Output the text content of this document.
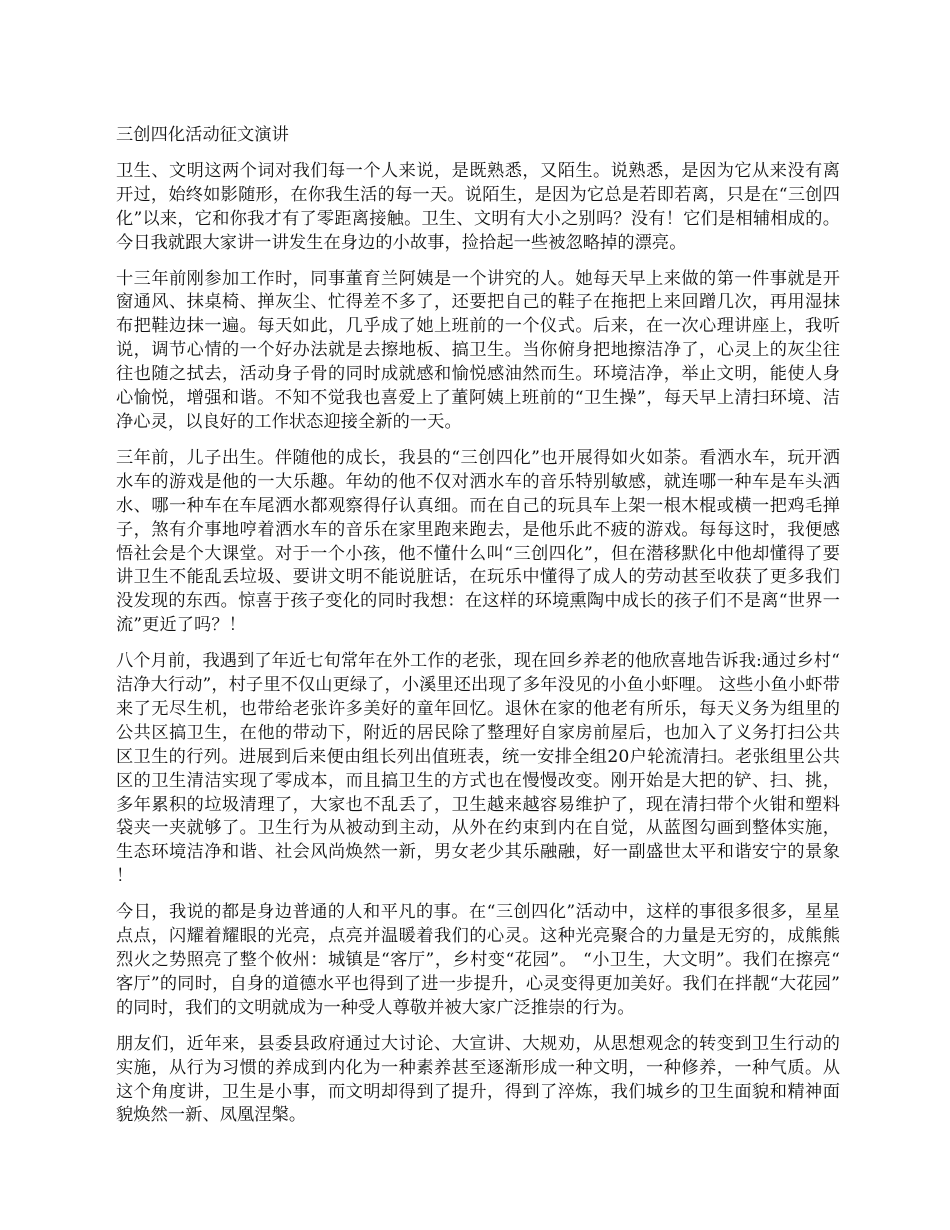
三创四化活动征文演讲

卫生、文明这两个词对我们每一个人来说，是既熟悉，又陌生。说熟悉，是因为它从来没有离开过，始终如影随形，在你我生活的每一天。说陌生，是因为它总是若即若离，只是在“三创四化”以来，它和你我才有了零距离接触。卫生、文明有大小之别吗？没有！它们是相辅相成的。今日我就跟大家讲一讲发生在身边的小故事，捡拾起一些被忽略掉的漂亮。

十三年前刚参加工作时，同事董育兰阿姨是一个讲究的人。她每天早上来做的第一件事就是开窗通风、抹桌椅、掸灰尘、忙得差不多了，还要把自己的鞋子在拖把上来回蹭几次，再用湿抹布把鞋边抹一遍。每天如此，几乎成了她上班前的一个仪式。后来，在一次心理讲座上，我听说，调节心情的一个好办法就是去擦地板、搞卫生。当你俯身把地擦洁净了，心灵上的灰尘往往也随之拭去，活动身子骨的同时成就感和愉悦感油然而生。环境洁净，举止文明，能使人身心愉悦，增强和谐。不知不觉我也喜爱上了董阿姨上班前的“卫生操”，每天早上清扫环境、洁净心灵，以良好的工作状态迎接全新的一天。

三年前，儿子出生。伴随他的成长，我县的“三创四化”也开展得如火如荼。看洒水车，玩开洒水车的游戏是他的一大乐趣。年幼的他不仅对洒水车的音乐特别敏感，就连哪一种车是车头洒水、哪一种车在车尾洒水都观察得仔认真细。而在自己的玩具车上架一根木棍或横一把鸡毛掸子，煞有介事地哼着洒水车的音乐在家里跑来跑去，是他乐此不疲的游戏。每每这时，我便感悟社会是个大课堂。对于一个小孩，他不懂什么叫“三创四化”，但在潜移默化中他却懂得了要讲卫生不能乱丢垃圾、要讲文明不能说脏话，在玩乐中懂得了成人的劳动甚至收获了更多我们没发现的东西。惊喜于孩子变化的同时我想：在这样的环境熏陶中成长的孩子们不是离“世界一流”更近了吗？！

八个月前，我遇到了年近七旬常年在外工作的老张，现在回乡养老的他欣喜地告诉我:通过乡村“洁净大行动”，村子里不仅山更绿了，小溪里还出现了多年没见的小鱼小虾哩。 这些小鱼小虾带来了无尽生机，也带给老张许多美好的童年回忆。退休在家的他老有所乐，每天义务为组里的公共区搞卫生，在他的带动下，附近的居民除了整理好自家房前屋后，也加入了义务打扫公共区卫生的行列。进展到后来便由组长列出值班表，统一安排全组20户轮流清扫。老张组里公共区的卫生清洁实现了零成本，而且搞卫生的方式也在慢慢改变。刚开始是大把的铲、扫、挑，多年累积的垃圾清理了，大家也不乱丢了，卫生越来越容易维护了，现在清扫带个火钳和塑料袋夹一夹就够了。卫生行为从被动到主动，从外在约束到内在自觉，从蓝图勾画到整体实施，生态环境洁净和谐、社会风尚焕然一新，男女老少其乐融融，好一副盛世太平和谐安宁的景象！

今日，我说的都是身边普通的人和平凡的事。在“三创四化”活动中，这样的事很多很多，星星点点，闪耀着耀眼的光亮，点亮并温暖着我们的心灵。这种光亮聚合的力量是无穷的，成熊熊烈火之势照亮了整个攸州：城镇是“客厅”，乡村变“花园”。 “小卫生，大文明”。我们在擦亮“客厅”的同时，自身的道德水平也得到了进一步提升，心灵变得更加美好。我们在拌靓“大花园”的同时，我们的文明就成为一种受人尊敬并被大家广泛推崇的行为。

朋友们，近年来，县委县政府通过大讨论、大宣讲、大规劝，从思想观念的转变到卫生行动的实施，从行为习惯的养成到内化为一种素养甚至逐渐形成一种文明，一种修养，一种气质。从这个角度讲，卫生是小事，而文明却得到了提升，得到了淬炼，我们城乡的卫生面貌和精神面貌焕然一新、凤凰涅槃。
